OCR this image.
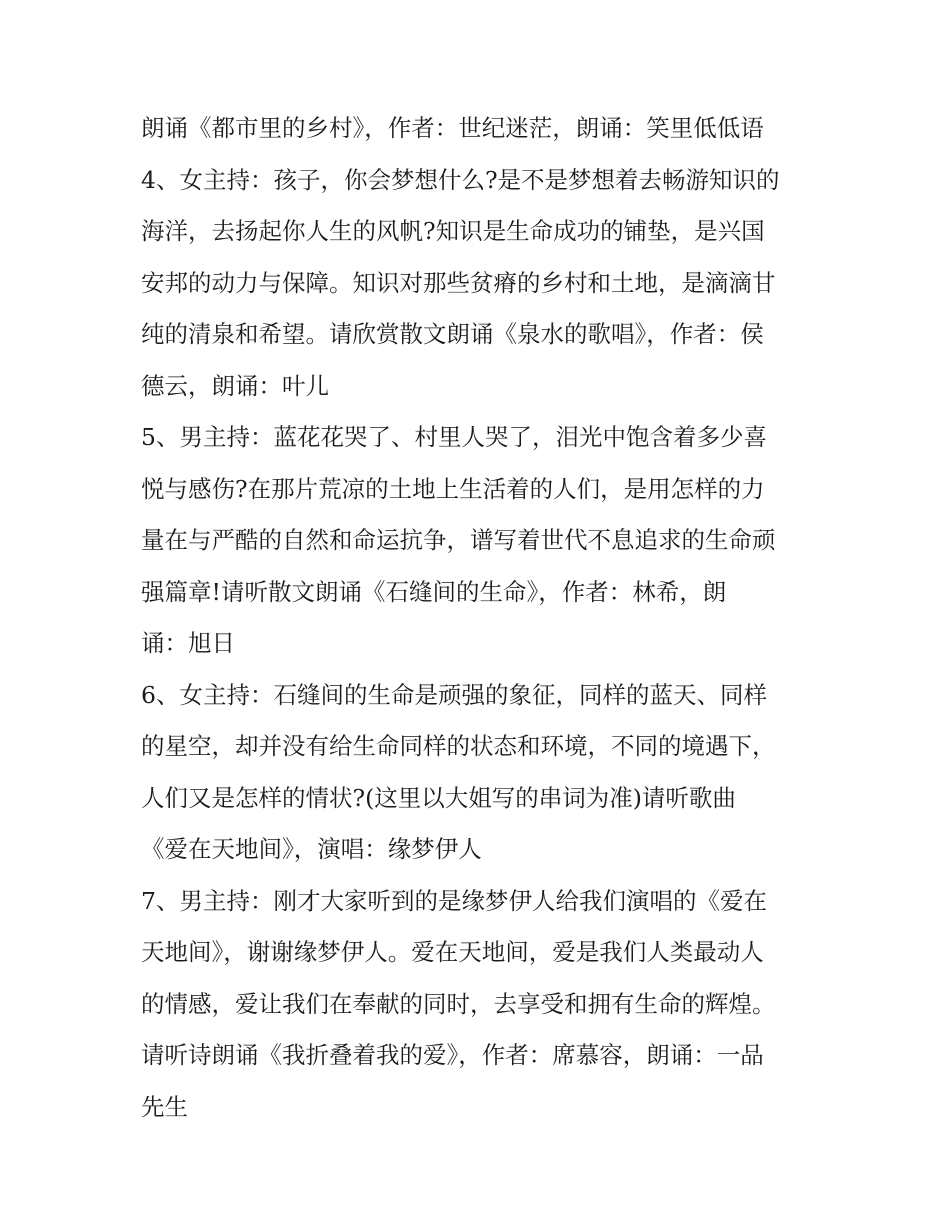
朗诵《都市里的乡村》，作者：世纪迷茫，朗诵：笑里低低语
4、女主持：孩子，你会梦想什么?是不是梦想着去畅游知识的
海洋，去扬起你人生的风帆?知识是生命成功的铺垫，是兴国
安邦的动力与保障。知识对那些贫瘠的乡村和土地，是滴滴甘
纯的清泉和希望。请欣赏散文朗诵《泉水的歌唱》，作者：侯
德云，朗诵：叶儿
5、男主持：蓝花花哭了、村里人哭了，泪光中饱含着多少喜
悦与感伤?在那片荒凉的土地上生活着的人们，是用怎样的力
量在与严酷的自然和命运抗争，谱写着世代不息追求的生命顽
强篇章!请听散文朗诵《石缝间的生命》，作者：林希，朗
诵：旭日
6、女主持：石缝间的生命是顽强的象征，同样的蓝天、同样
的星空，却并没有给生命同样的状态和环境，不同的境遇下，
人们又是怎样的情状?(这里以大姐写的串词为准)请听歌曲
《爱在天地间》，演唱：缘梦伊人
7、男主持：刚才大家听到的是缘梦伊人给我们演唱的《爱在
天地间》，谢谢缘梦伊人。爱在天地间，爱是我们人类最动人
的情感，爱让我们在奉献的同时，去享受和拥有生命的辉煌。
请听诗朗诵《我折叠着我的爱》，作者：席慕容，朗诵：一品
先生
